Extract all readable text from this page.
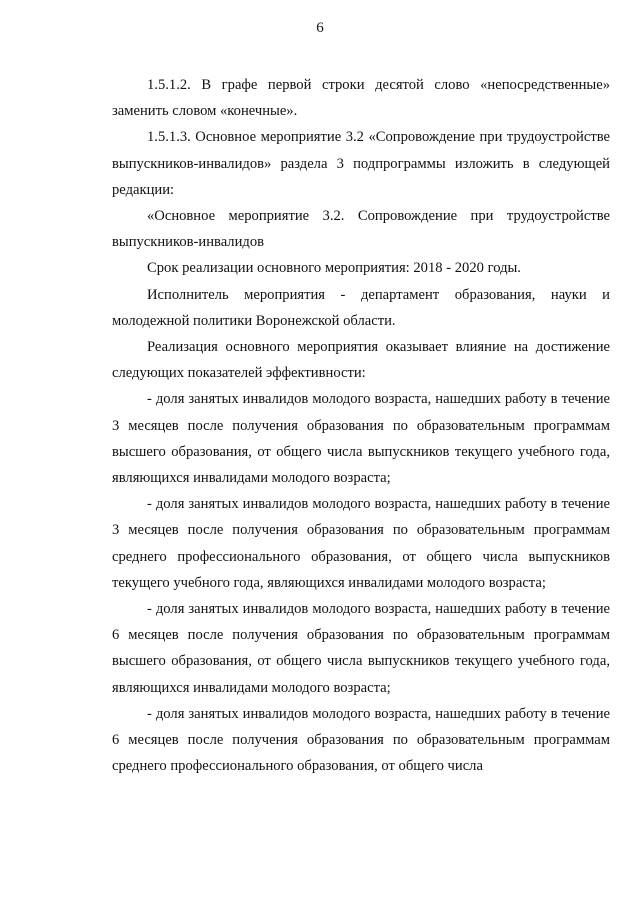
6

1.5.1.2. В графе первой строки десятой слово «непосредственные» заменить словом «конечные».

1.5.1.3. Основное мероприятие 3.2 «Сопровождение при трудоустройстве выпускников-инвалидов» раздела 3 подпрограммы изложить в следующей редакции:

«Основное мероприятие 3.2. Сопровождение при трудоустройстве выпускников-инвалидов

Срок реализации основного мероприятия: 2018 - 2020 годы.

Исполнитель мероприятия - департамент образования, науки и молодежной политики Воронежской области.

Реализация основного мероприятия оказывает влияние на достижение следующих показателей эффективности:

- доля занятых инвалидов молодого возраста, нашедших работу в течение 3 месяцев после получения образования по образовательным программам высшего образования, от общего числа выпускников текущего учебного года, являющихся инвалидами молодого возраста;

- доля занятых инвалидов молодого возраста, нашедших работу в течение 3 месяцев после получения образования по образовательным программам среднего профессионального образования, от общего числа выпускников текущего учебного года, являющихся инвалидами молодого возраста;

- доля занятых инвалидов молодого возраста, нашедших работу в течение 6 месяцев после получения образования по образовательным программам высшего образования, от общего числа выпускников текущего учебного года, являющихся инвалидами молодого возраста;

- доля занятых инвалидов молодого возраста, нашедших работу в течение 6 месяцев после получения образования по образовательным программам среднего профессионального образования, от общего числа
